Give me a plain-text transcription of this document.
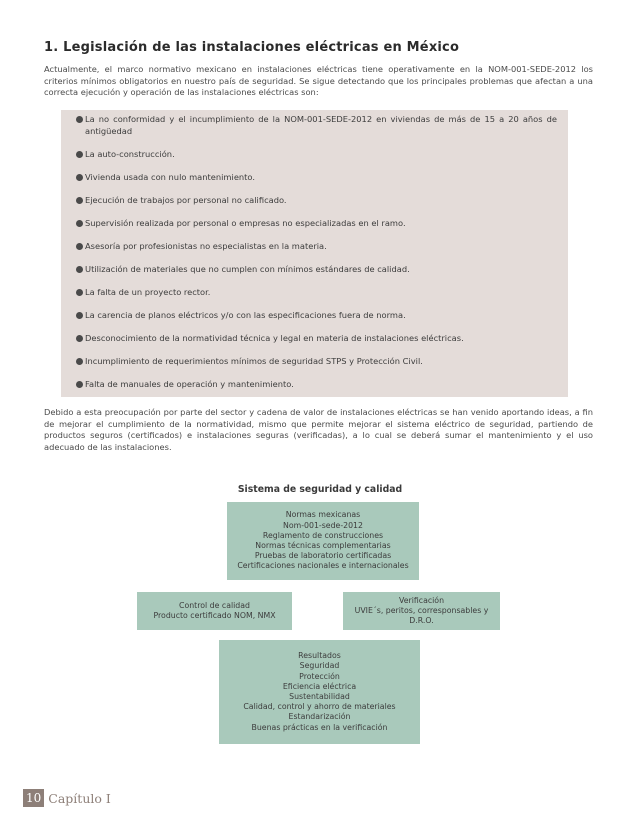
1. Legislación de las instalaciones eléctricas en México

Actualmente, el marco normativo mexicano en instalaciones eléctricas tiene operativamente en la NOM-001-SEDE-2012 los criterios mínimos obligatorios en nuestro país de seguridad. Se sigue detectando que los principales problemas que afectan a una correcta ejecución y operación de las instalaciones eléctricas son:

La no conformidad y el incumplimiento de la NOM-001-SEDE-2012 en viviendas de más de 15 a 20 años de antigüedad
La auto-construcción.
Vivienda usada con nulo mantenimiento.
Ejecución de trabajos por personal no calificado.
Supervisión realizada por personal o empresas no especializadas en el ramo.
Asesoría por profesionistas no especialistas en la materia.
Utilización de materiales que no cumplen con mínimos estándares de calidad.
La falta de un proyecto rector.
La carencia de planos eléctricos y/o con las especificaciones fuera de norma.
Desconocimiento de la normatividad técnica y legal en materia de instalaciones eléctricas.
Incumplimiento de requerimientos mínimos de seguridad STPS y Protección Civil.
Falta de manuales de operación y mantenimiento.

Debido a esta preocupación por parte del sector y cadena de valor de instalaciones eléctricas se han venido aportando ideas, a fin de mejorar el cumplimiento de la normatividad, mismo que permite mejorar el sistema eléctrico de seguridad, partiendo de productos seguros (certificados) e instalaciones seguras (verificadas), a lo cual se deberá sumar el mantenimiento y el uso adecuado de las instalaciones.

Sistema de seguridad y calidad
Normas mexicanas
Nom-001-sede-2012
Reglamento de construcciones
Normas técnicas complementarias
Pruebas de laboratorio certificadas
Certificaciones nacionales e internacionales
Control de calidad
Producto certificado NOM, NMX
Verificación
UVIE´s, peritos, corresponsables y
D.R.O.
Resultados
Seguridad
Protección
Eficiencia eléctrica
Sustentabilidad
Calidad, control y ahorro de materiales
Estandarización
Buenas prácticas en la verificación
10 Capítulo I
